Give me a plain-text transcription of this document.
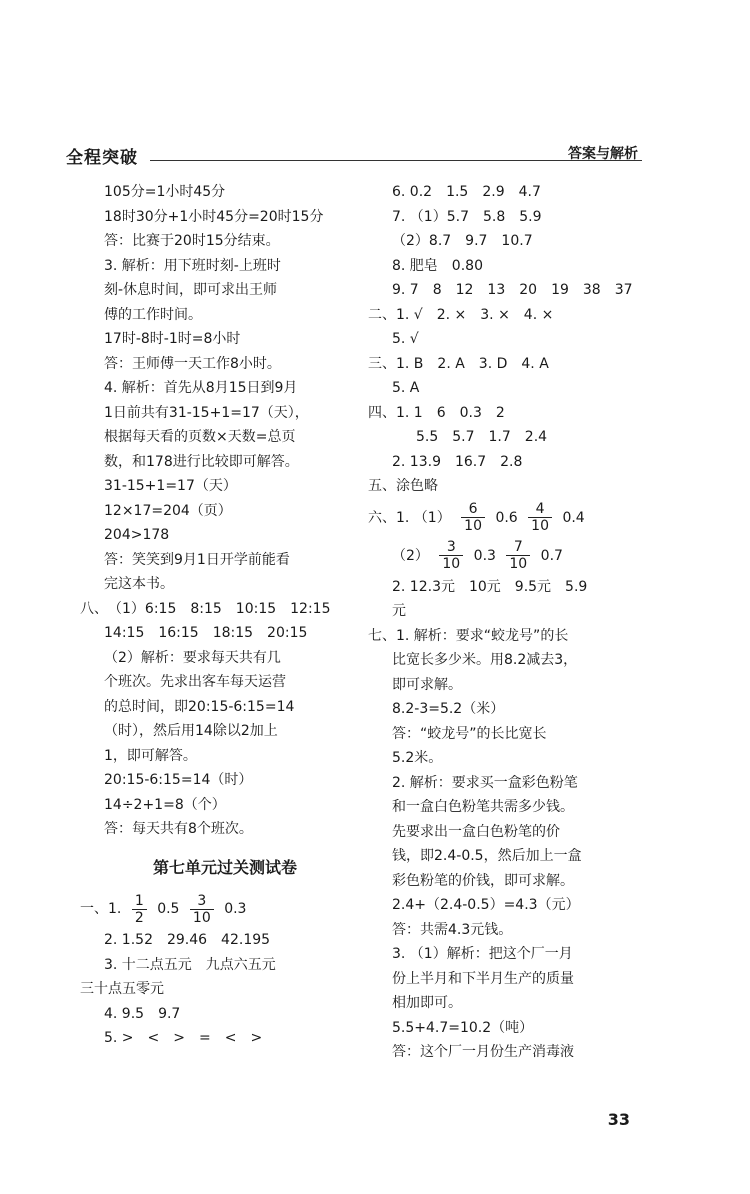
全程突破	答案与解析
105分=1小时45分
18时30分+1小时45分=20时15分
答：比赛于20时15分结束。
3. 解析：用下班时刻-上班时
刻-休息时间，即可求出王师
傅的工作时间。
17时-8时-1时=8小时
答：王师傅一天工作8小时。
4. 解析：首先从8月15日到9月
1日前共有31-15+1=17（天），
根据每天看的页数×天数=总页
数，和178进行比较即可解答。
31-15+1=17（天）
12×17=204（页）
204>178
答：笑笑到9月1日开学前能看
完这本书。
八、（1）6:15　8:15　10:15　12:15
14:15　16:15　18:15　20:15
（2）解析：要求每天共有几
个班次。先求出客车每天运营
的总时间，即20:15-6:15=14
（时），然后用14除以2加上
1，即可解答。
20:15-6:15=14（时）
14÷2+1=8（个）
答：每天共有8个班次。
第七单元过关测试卷
一、1. $\frac{1}{2} 0.5 \frac{3}{10} 0.3$
2. 1.52　29.46　42.195
3. 十二点五元　九点六五元
三十点五零元
4. 9.5　9.7
5. >　<　>　=　<　>
6. 0.2　1.5　2.9　4.7
7. （1）5.7　5.8　5.9
（2）8.7　9.7　10.7
8. 肥皂　0.80
9. 7　8　12　13　20　19　38　37
二、1. √　2. ×　3. ×　4. ×
5. √
三、1. B　2. A　3. D　4. A
5. A
四、1. 1　6　0.3　2
5.5　5.7　1.7　2.4
2. 13.9　16.7　2.8
五、涂色略
六、1. $(1) \frac{6}{10} 0.6 \frac{4}{10} 0.4$
$(2) \frac{3}{10} 0.3 \frac{7}{10} 0.7$
2. 12.3元　10元　9.5元　5.9
元
七、1. 解析：要求“蛟龙号”的长
比宽长多少米。用8.2减去3，
即可求解。
8.2-3=5.2（米）
答：“蛟龙号”的长比宽长
5.2米。
2. 解析：要求买一盒彩色粉笔
和一盒白色粉笔共需多少钱。
先要求出一盒白色粉笔的价
钱，即2.4-0.5，然后加上一盒
彩色粉笔的价钱，即可求解。
2.4+（2.4-0.5）=4.3（元）
答：共需4.3元钱。
3. （1）解析：把这个厂一月
份上半月和下半月生产的质量
相加即可。
5.5+4.7=10.2（吨）
答：这个厂一月份生产消毒液
33
